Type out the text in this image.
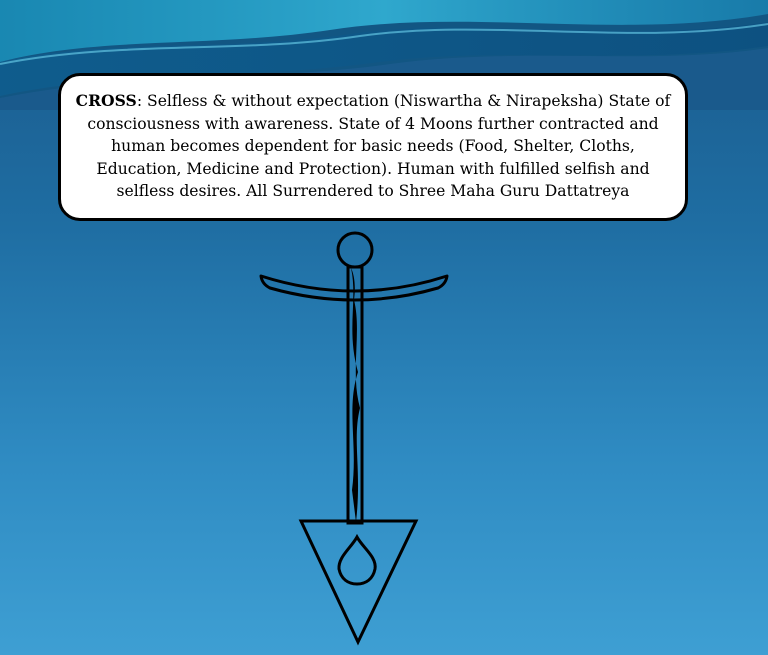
CROSS: Selfless & without expectation (Niswartha & Nirapeksha) State of consciousness with awareness. State of 4 Moons further contracted and human becomes dependent for basic needs (Food, Shelter, Cloths, Education, Medicine and Protection). Human with fulfilled selfish and selfless desires. All Surrendered to Shree Maha Guru Dattatreya
